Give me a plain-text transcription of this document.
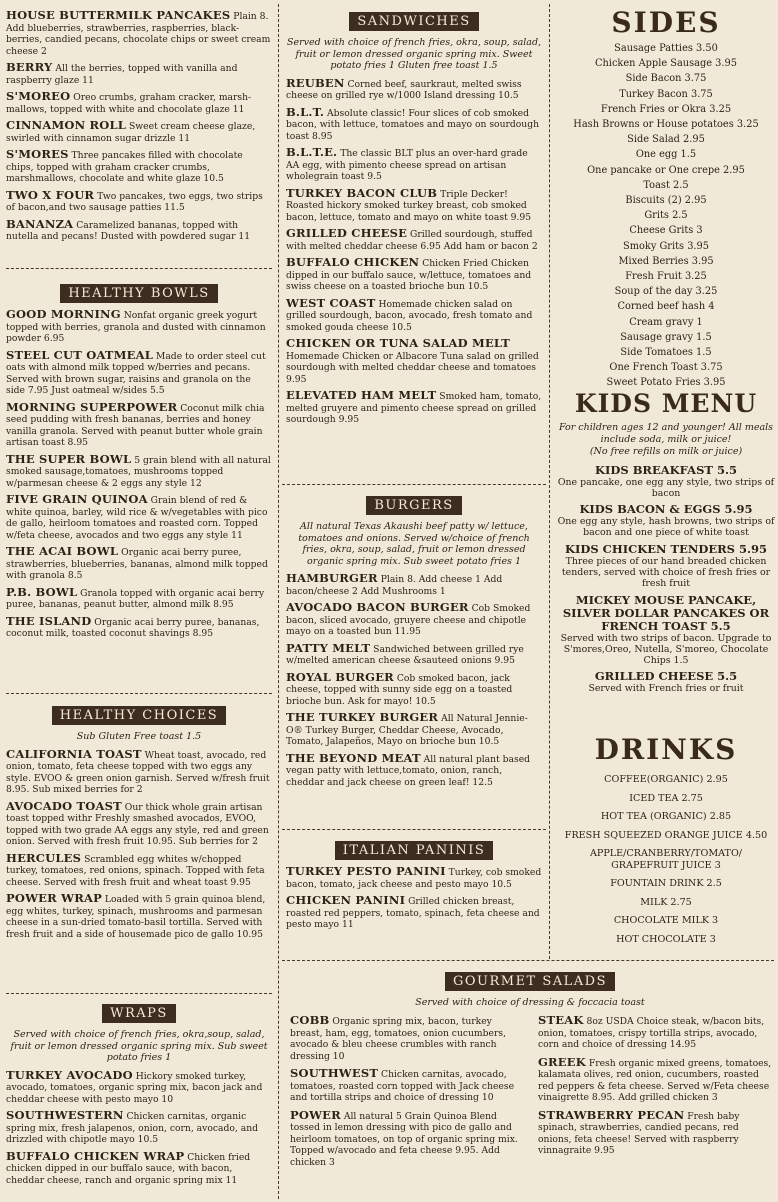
HOUSE BUTTERMILK PANCAKES Plain 8. Add blueberries, strawberries, raspberries, black-berries, candied pecans, chocolate chips or sweet cream cheese 2

BERRY All the berries, topped with vanilla and raspberry glaze 11

S'MOREO Oreo crumbs, graham cracker, marsh-mallows, topped with white and chocolate glaze 11

CINNAMON ROLL Sweet cream cheese glaze, swirled with cinnamon sugar drizzle 11

S'MORES Three pancakes filled with chocolate chips, topped with graham cracker crumbs, marshmallows, chocolate and white glaze 10.5

TWO X FOUR Two pancakes, two eggs, two strips of bacon,and two sausage patties 11.5

BANANZA Caramelized bananas, topped with nutella and pecans! Dusted with powdered sugar 11

HEALTHY BOWLS

GOOD MORNING Nonfat organic greek yogurt topped with berries, granola and dusted with cinnamon powder 6.95

STEEL CUT OATMEAL Made to order steel cut oats with almond milk topped w/berries and pecans. Served with brown sugar, raisins and granola on the side 7.95 Just oatmeal w/sides 5.5

MORNING SUPERPOWER Coconut milk chia seed pudding with fresh bananas, berries and honey vanilla granola. Served with peanut butter whole grain artisan toast 8.95

THE SUPER BOWL 5 grain blend with all natural smoked sausage,tomatoes, mushrooms topped w/parmesan cheese & 2 eggs any style 12

FIVE GRAIN QUINOA Grain blend of red & white quinoa, barley, wild rice & w/vegetables with pico de gallo, heirloom tomatoes and roasted corn. Topped w/feta cheese, avocados and two eggs any style 11

THE ACAI BOWL Organic acai berry puree, strawberries, blueberries, bananas, almond milk topped with granola 8.5

P.B. BOWL Granola topped with organic acai berry puree, bananas, peanut butter, almond milk 8.95

THE ISLAND Organic acai berry puree, bananas, coconut milk, toasted coconut shavings 8.95

HEALTHY CHOICES

Sub Gluten Free toast 1.5

CALIFORNIA TOAST Wheat toast, avocado, red onion, tomato, feta cheese topped with two eggs any style. EVOO & green onion garnish. Served w/fresh fruit 8.95. Sub mixed berries for 2

AVOCADO TOAST Our thick whole grain artisan toast topped withr Freshly smashed avocados, EVOO, topped with two grade AA eggs any style, red and green onion. Served with fresh fruit 10.95. Sub berries for 2

HERCULES Scrambled egg whites w/chopped turkey, tomatoes, red onions, spinach. Topped with feta cheese. Served with fresh fruit and wheat toast 9.95

POWER WRAP Loaded with 5 grain quinoa blend, egg whites, turkey, spinach, mushrooms and parmesan cheese in a sun-dried tomato-basil tortilla. Served with fresh fruit and a side of housemade pico de gallo 10.95

WRAPS

Served with choice of french fries, okra,soup, salad, fruit or lemon dressed organic spring mix. Sub sweet potato fries 1

TURKEY AVOCADO Hickory smoked turkey, avocado, tomatoes, organic spring mix, bacon jack and cheddar cheese with pesto mayo 10

SOUTHWESTERN Chicken carnitas, organic spring mix, fresh jalapenos, onion, corn, avocado, and drizzled with chipotle mayo 10.5

BUFFALO CHICKEN WRAP Chicken fried chicken dipped in our buffalo sauce, with bacon, cheddar cheese, ranch and organic spring mix 11

SANDWICHES

Served with choice of french fries, okra, soup, salad, fruit or lemon dressed organic spring mix. Sweet potato fries 1 Gluten free toast 1.5

REUBEN Corned beef, saurkraut, melted swiss cheese on grilled rye w/1000 Island dressing 10.5

B.L.T. Absolute classic! Four slices of cob smoked bacon, with lettuce, tomatoes and mayo on sourdough toast 8.95

B.L.T.E. The classic BLT plus an over-hard grade AA egg, with pimento cheese spread on artisan wholegrain toast 9.5

TURKEY BACON CLUB Triple Decker! Roasted hickory smoked turkey breast, cob smoked bacon, lettuce, tomato and mayo on white toast 9.95

GRILLED CHEESE Grilled sourdough, stuffed with melted cheddar cheese 6.95 Add ham or bacon 2

BUFFALO CHICKEN Chicken Fried Chicken dipped in our buffalo sauce, w/lettuce, tomatoes and swiss cheese on a toasted brioche bun 10.5

WEST COAST Homemade chicken salad on grilled sourdough, bacon, avocado, fresh tomato and smoked gouda cheese 10.5

CHICKEN OR TUNA SALAD MELT Homemade Chicken or Albacore Tuna salad on grilled sourdough with melted cheddar cheese and tomatoes 9.95

ELEVATED HAM MELT Smoked ham, tomato, melted gruyere and pimento cheese spread on grilled sourdough 9.95

BURGERS

All natural Texas Akaushi beef patty w/ lettuce, tomatoes and onions. Served w/choice of french fries, okra, soup, salad, fruit or lemon dressed organic spring mix. Sub sweet potato fries 1

HAMBURGER Plain 8. Add cheese 1 Add bacon/cheese 2 Add Mushrooms 1

AVOCADO BACON BURGER Cob Smoked bacon, sliced avocado, gruyere cheese and chipotle mayo on a toasted bun 11.95

PATTY MELT Sandwiched between grilled rye w/melted american cheese &sauteed onions 9.95

ROYAL BURGER Cob smoked bacon, jack cheese, topped with sunny side egg on a toasted brioche bun. Ask for mayo! 10.5

THE TURKEY BURGER All Natural Jennie-O® Turkey Burger, Cheddar Cheese, Avocado, Tomato, Jalapeños, Mayo on brioche bun 10.5

THE BEYOND MEAT All natural plant based vegan patty with lettuce,tomato, onion, ranch, cheddar and jack cheese on green leaf! 12.5

ITALIAN PANINIS

TURKEY PESTO PANINI Turkey, cob smoked bacon, tomato, jack cheese and pesto mayo 10.5

CHICKEN PANINI Grilled chicken breast, roasted red peppers, tomato, spinach, feta cheese and pesto mayo 11

SIDES
Sausage Patties 3.50
Chicken Apple Sausage 3.95
Side Bacon 3.75
Turkey Bacon 3.75
French Fries or Okra 3.25
Hash Browns or House potatoes 3.25
Side Salad 2.95
One egg 1.5
One pancake or One crepe 2.95
Toast 2.5
Biscuits (2) 2.95
Grits 2.5
Cheese Grits 3
Smoky Grits 3.95
Mixed Berries 3.95
Fresh Fruit 3.25
Soup of the day 3.25
Corned beef hash 4
Cream gravy 1
Sausage gravy 1.5
Side Tomatoes 1.5
One French Toast 3.75
Sweet Potato Fries 3.95
KIDS MENU

For children ages 12 and younger! All meals include soda, milk or juice!

(No free refills on milk or juice)

KIDS BREAKFAST 5.5
One pancake, one egg any style, two strips of bacon
KIDS BACON & EGGS 5.95
One egg any style, hash browns, two strips of bacon and one piece of white toast
KIDS CHICKEN TENDERS 5.95
Three pieces of our hand breaded chicken tenders, served with choice of fresh fries or fresh fruit
MICKEY MOUSE PANCAKE, SILVER DOLLAR PANCAKES OR FRENCH TOAST 5.5
Served with two strips of bacon. Upgrade to S'mores,Oreo, Nutella, S'moreo, Chocolate Chips 1.5
GRILLED CHEESE 5.5
Served with French fries or fruit
DRINKS

COFFEE(ORGANIC) 2.95

ICED TEA 2.75

HOT TEA (ORGANIC) 2.85

FRESH SQUEEZED ORANGE JUICE 4.50

APPLE/CRANBERRY/TOMATO/ GRAPEFRUIT JUICE 3

FOUNTAIN DRINK 2.5

MILK 2.75

CHOCOLATE MILK 3

HOT CHOCOLATE 3

GOURMET SALADS

Served with choice of dressing & foccacia toast

COBB Organic spring mix, bacon, turkey breast, ham, egg, tomatoes, onion cucumbers, avocado & bleu cheese crumbles with ranch dressing 10

SOUTHWEST Chicken carnitas, avocado, tomatoes, roasted corn topped with Jack cheese and tortilla strips and choice of dressing 10

POWER All natural 5 Grain Quinoa Blend tossed in lemon dressing with pico de gallo and heirloom tomatoes, on top of organic spring mix. Topped w/avocado and feta cheese 9.95. Add chicken 3

STEAK 8oz USDA Choice steak, w/bacon bits, onion, tomatoes, crispy tortilla strips, avocado, corn and choice of dressing 14.95

GREEK Fresh organic mixed greens, tomatoes, kalamata olives, red onion, cucumbers, roasted red peppers & feta cheese. Served w/Feta cheese vinaigrette 8.95. Add grilled chicken 3

STRAWBERRY PECAN Fresh baby spinach, strawberries, candied pecans, red onions, feta cheese! Served with raspberry vinnagraite 9.95
